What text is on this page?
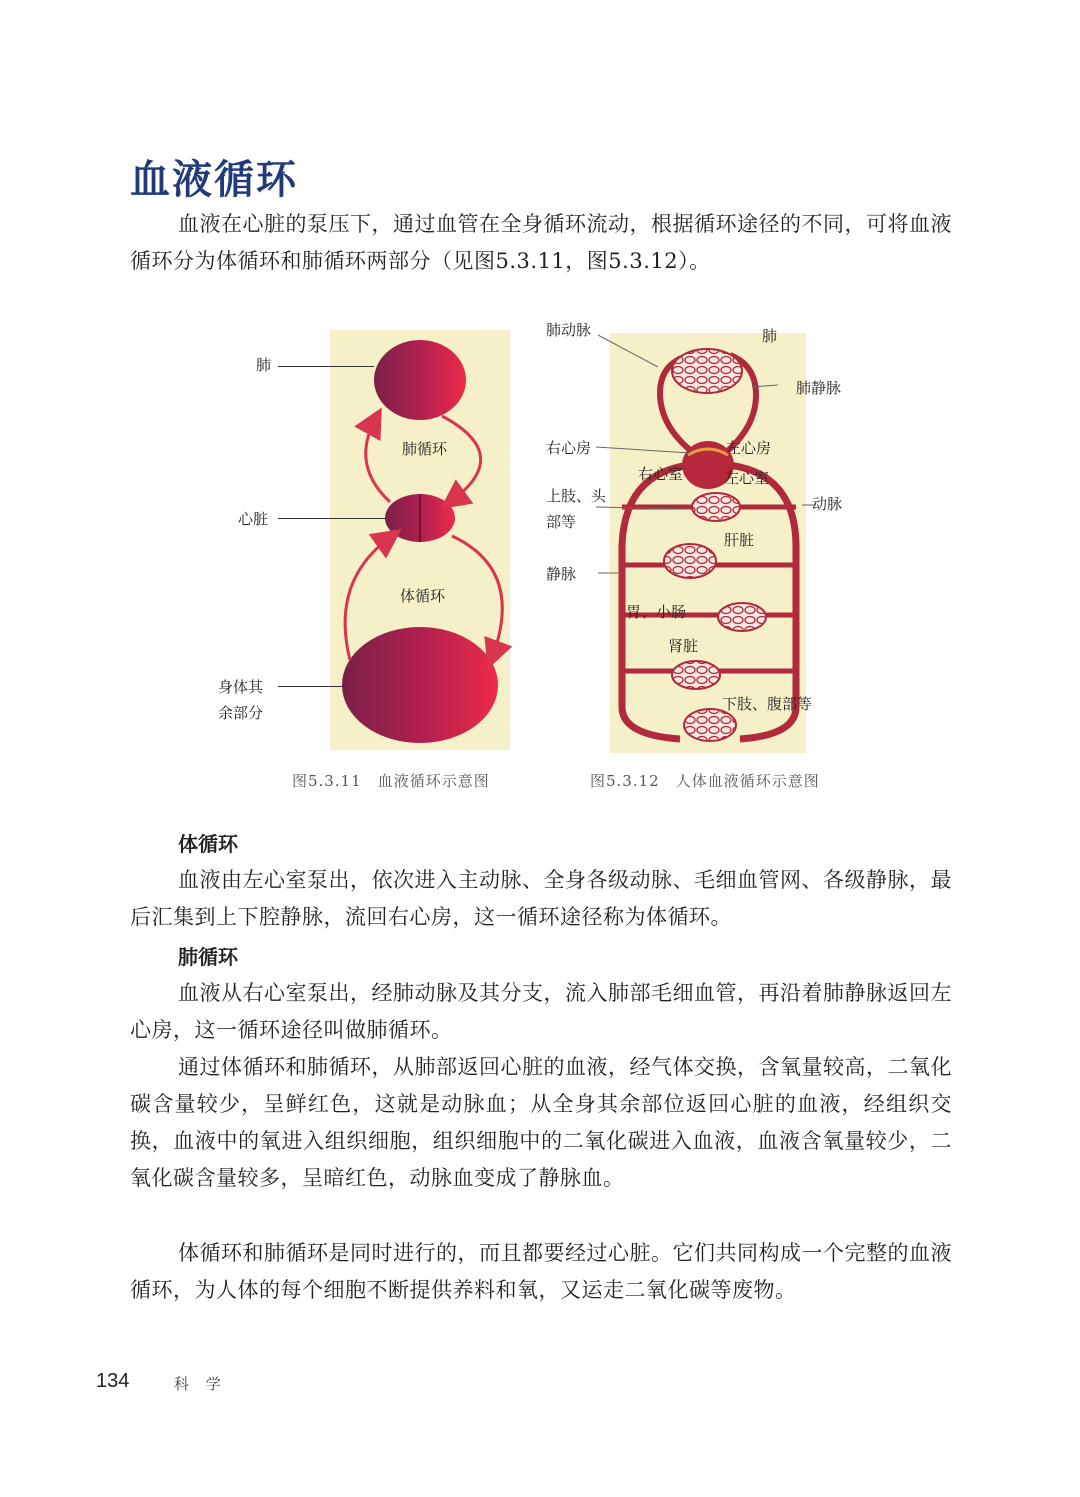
血液循环
血液在心脏的泵压下，通过血管在全身循环流动，根据循环途径的不同，可将血液循环分为体循环和肺循环两部分（见图5.3.11，图5.3.12）。
肺
肺循环
心脏
体循环
身体其
余部分
图5.3.11　血液循环示意图
肺动脉	肺
肺静脉
右心房	左心房
右心室	左心室
上肢、头
部等
动脉
肝脏
静脉
胃、小肠
肾脏
下肢、腹部等
图5.3.12　人体血液循环示意图
体循环
血液由左心室泵出，依次进入主动脉、全身各级动脉、毛细血管网、各级静脉，最后汇集到上下腔静脉，流回右心房，这一循环途径称为体循环。
肺循环
血液从右心室泵出，经肺动脉及其分支，流入肺部毛细血管，再沿着肺静脉返回左心房，这一循环途径叫做肺循环。
通过体循环和肺循环，从肺部返回心脏的血液，经气体交换，含氧量较高，二氧化碳含量较少，呈鲜红色，这就是动脉血；从全身其余部位返回心脏的血液，经组织交换，血液中的氧进入组织细胞，组织细胞中的二氧化碳进入血液，血液含氧量较少，二氧化碳含量较多，呈暗红色，动脉血变成了静脉血。
体循环和肺循环是同时进行的，而且都要经过心脏。它们共同构成一个完整的血液循环，为人体的每个细胞不断提供养料和氧，又运走二氧化碳等废物。
134	科 学
